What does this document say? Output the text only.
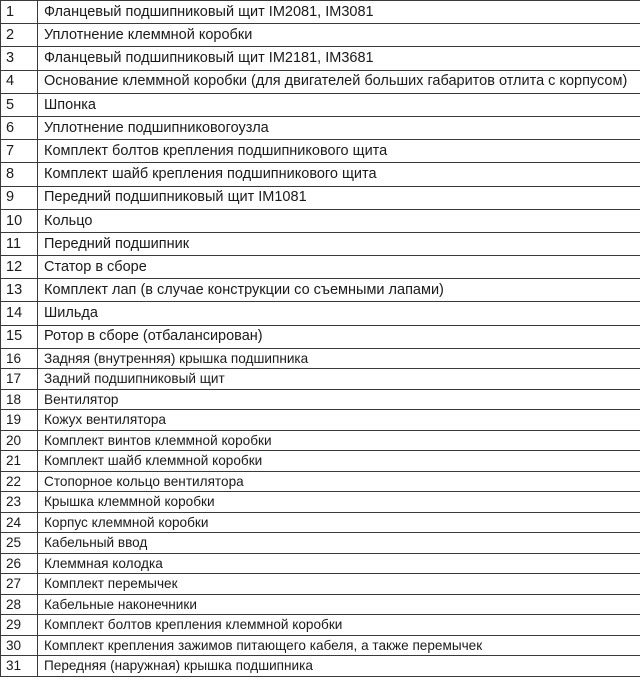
1	Фланцевый подшипниковый щит IM2081, IM3081
2	Уплотнение клеммной коробки
3	Фланцевый подшипниковый щит IM2181, IM3681
4	Основание клеммной коробки (для двигателей больших габаритов отлита с корпусом)
5	Шпонка
6	Уплотнение подшипниковогоузла
7	Комплект болтов крепления подшипникового щита
8	Комплект шайб крепления подшипникового щита
9	Передний подшипниковый щит IM1081
10	Кольцо
11	Передний подшипник
12	Статор в сборе
13	Комплект лап (в случае конструкции со съемными лапами)
14	Шильда
15	Ротор в сборе (отбалансирован)
16	Задняя (внутренняя) крышка подшипника
17	Задний подшипниковый щит
18	Вентилятор
19	Кожух вентилятора
20	Комплект винтов клеммной коробки
21	Комплект шайб клеммной коробки
22	Стопорное кольцо вентилятора
23	Крышка клеммной коробки
24	Корпус клеммной коробки
25	Кабельный ввод
26	Клеммная колодка
27	Комплект перемычек
28	Кабельные наконечники
29	Комплект болтов крепления клеммной коробки
30	Комплект крепления зажимов питающего кабеля, а также перемычек
31	Передняя (наружная) крышка подшипника
